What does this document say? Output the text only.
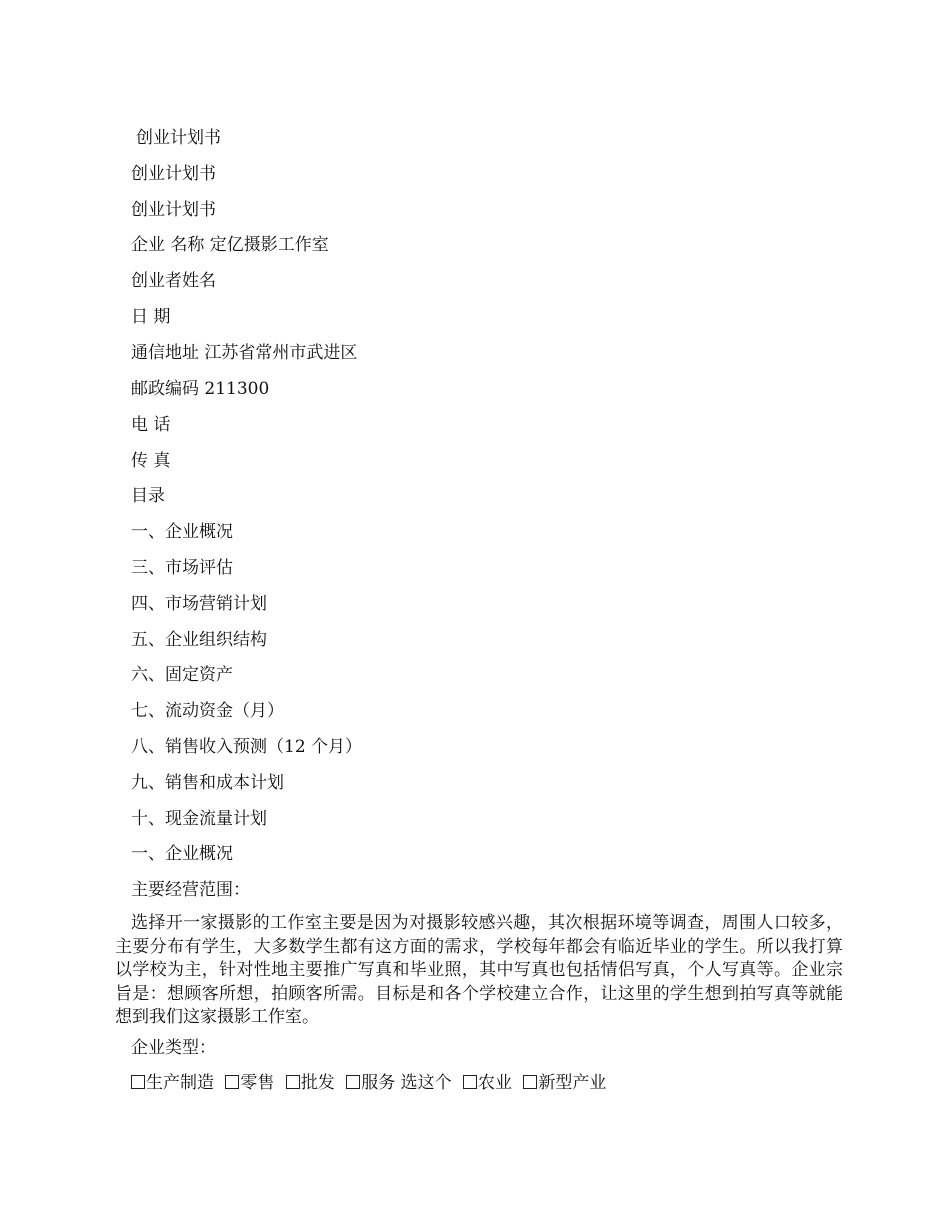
创业计划书
创业计划书
创业计划书
企业 名称 定亿摄影工作室
创业者姓名
日 期
通信地址 江苏省常州市武进区
邮政编码 211300
电 话
传 真
目录
一、企业概况
三、市场评估
四、市场营销计划
五、企业组织结构
六、固定资产
七、流动资金（月）
八、销售收入预测（12 个月）
九、销售和成本计划
十、现金流量计划
一、企业概况
主要经营范围：
选择开一家摄影的工作室主要是因为对摄影较感兴趣，其次根据环境等调查，周围人口较多，主要分布有学生，大多数学生都有这方面的需求，学校每年都会有临近毕业的学生。所以我打算以学校为主，针对性地主要推广写真和毕业照，其中写真也包括情侣写真，个人写真等。企业宗旨是：想顾客所想，拍顾客所需。目标是和各个学校建立合作，让这里的学生想到拍写真等就能想到我们这家摄影工作室。
企业类型：
生产制造 零售 批发 服务 选这个 农业 新型产业
